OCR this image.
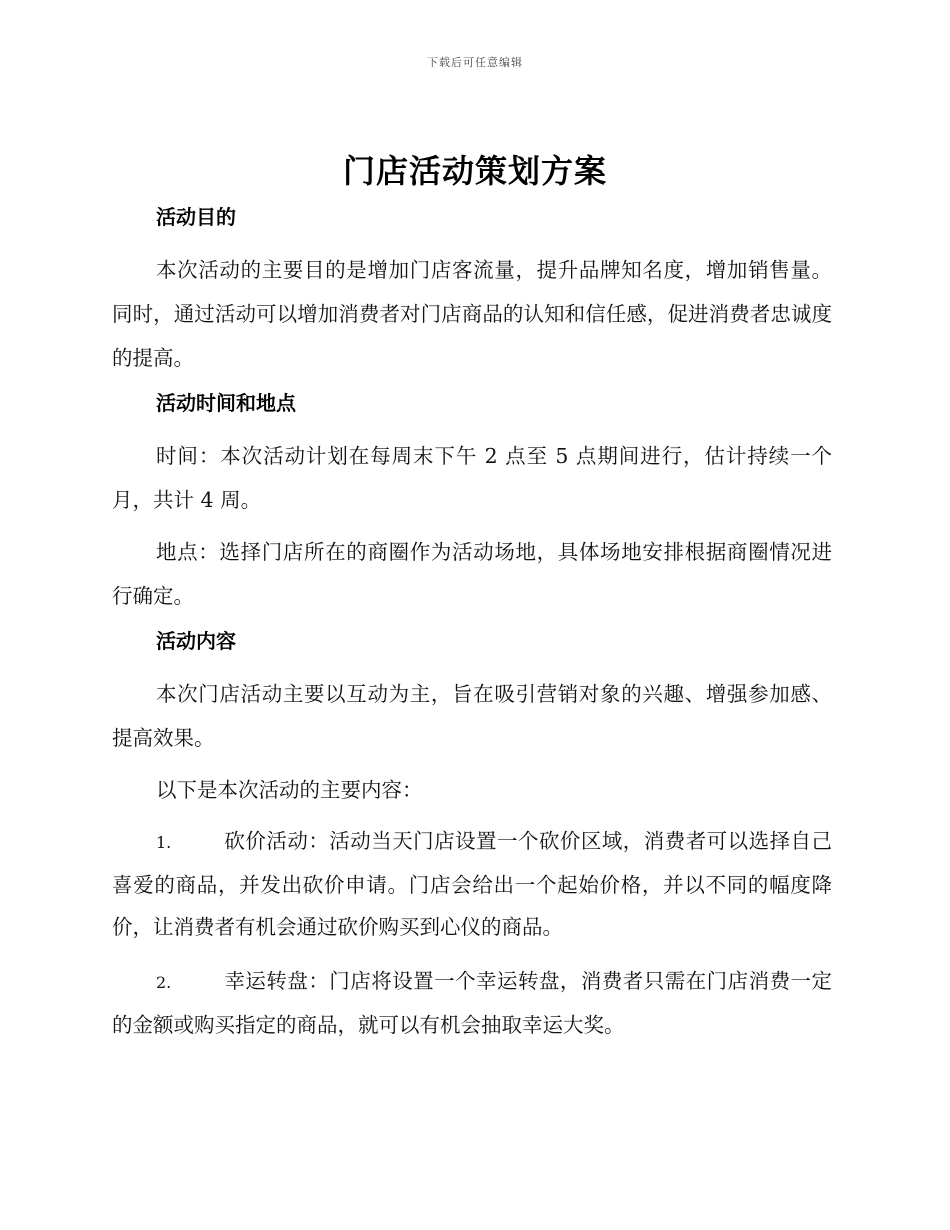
下载后可任意编辑
门店活动策划方案
活动目的

本次活动的主要目的是增加门店客流量，提升品牌知名度，增加销售量。同时，通过活动可以增加消费者对门店商品的认知和信任感，促进消费者忠诚度的提高。

活动时间和地点

时间：本次活动计划在每周末下午 2 点至 5 点期间进行，估计持续一个月，共计 4 周。

地点：选择门店所在的商圈作为活动场地，具体场地安排根据商圈情况进行确定。

活动内容

本次门店活动主要以互动为主，旨在吸引营销对象的兴趣、增强参加感、提高效果。

以下是本次活动的主要内容：

1.	砍价活动：活动当天门店设置一个砍价区域，消费者可以选择自己喜爱的商品，并发出砍价申请。门店会给出一个起始价格，并以不同的幅度降价，让消费者有机会通过砍价购买到心仪的商品。

2.	幸运转盘：门店将设置一个幸运转盘，消费者只需在门店消费一定的金额或购买指定的商品，就可以有机会抽取幸运大奖。
